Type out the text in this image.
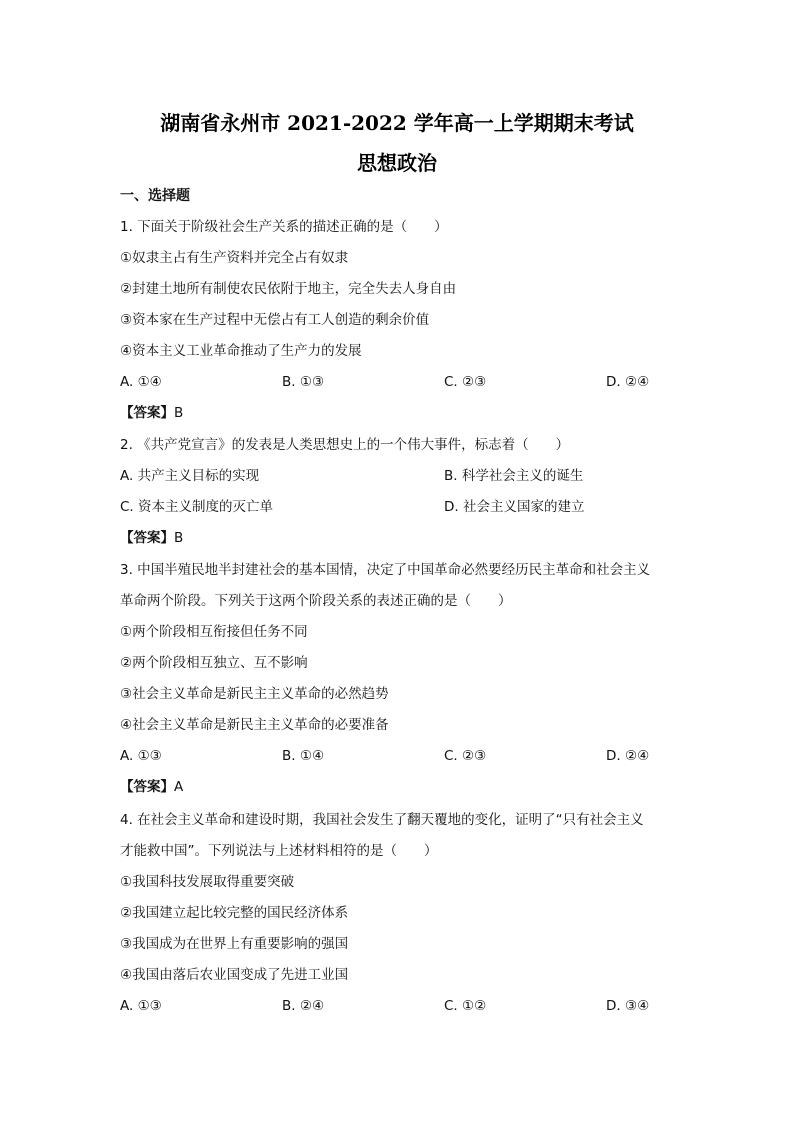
湖南省永州市 2021-2022 学年高一上学期期末考试
思想政治
一、选择题
1. 下面关于阶级社会生产关系的描述正确的是（　　）
①奴隶主占有生产资料并完全占有奴隶
②封建土地所有制使农民依附于地主，完全失去人身自由
③资本家在生产过程中无偿占有工人创造的剩余价值
④资本主义工业革命推动了生产力的发展
A. ①④	B. ①③	C. ②③	D. ②④
【答案】B
2. 《共产党宣言》的发表是人类思想史上的一个伟大事件，标志着（　　）
A. 共产主义目标的实现	B. 科学社会主义的诞生
C. 资本主义制度的灭亡单	D. 社会主义国家的建立
【答案】B
3. 中国半殖民地半封建社会的基本国情，决定了中国革命必然要经历民主革命和社会主义
革命两个阶段。下列关于这两个阶段关系的表述正确的是（　　）
①两个阶段相互衔接但任务不同
②两个阶段相互独立、互不影响
③社会主义革命是新民主主义革命的必然趋势
④社会主义革命是新民主主义革命的必要准备
A. ①③	B. ①④	C. ②③	D. ②④
【答案】A
4. 在社会主义革命和建设时期，我国社会发生了翻天覆地的变化，证明了“只有社会主义
才能救中国”。下列说法与上述材料相符的是（　　）
①我国科技发展取得重要突破
②我国建立起比较完整的国民经济体系
③我国成为在世界上有重要影响的强国
④我国由落后农业国变成了先进工业国
A. ①③	B. ②④	C. ①②	D. ③④
